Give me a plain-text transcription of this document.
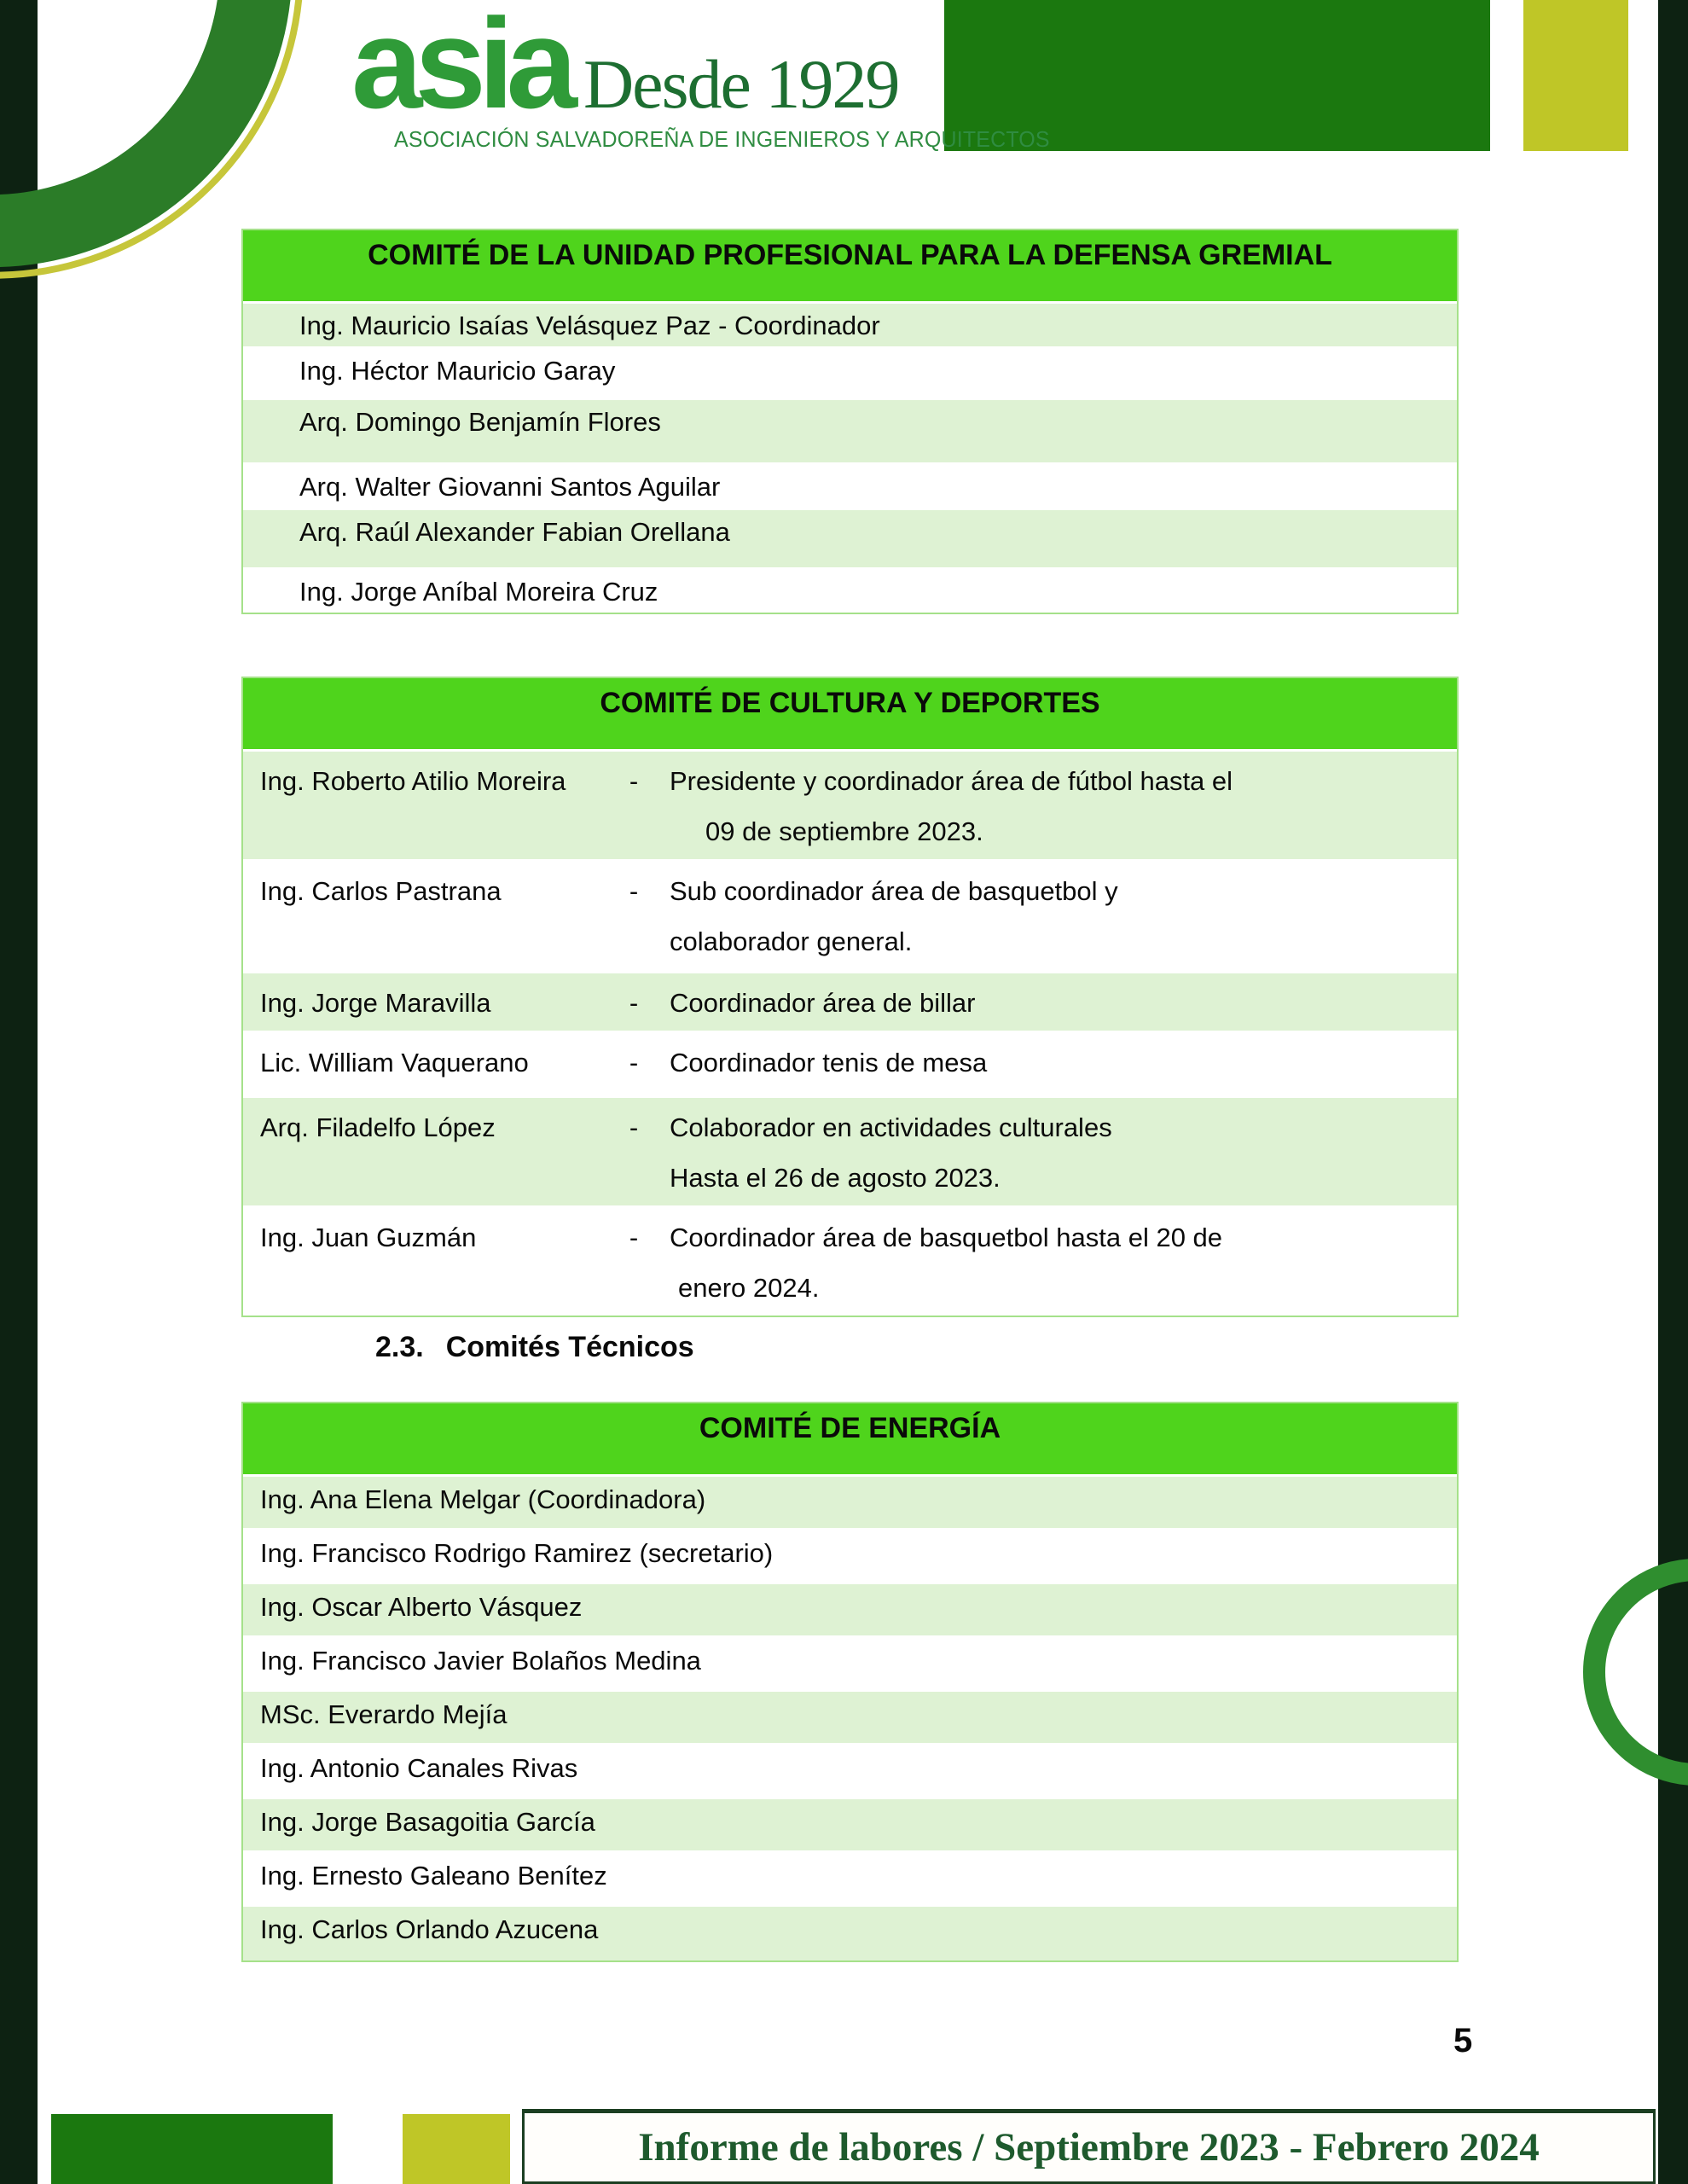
asia Desde 1929
ASOCIACIÓN SALVADOREÑA DE INGENIEROS Y ARQUITECTOS
COMITÉ DE LA UNIDAD PROFESIONAL PARA LA DEFENSA GREMIAL
Ing. Mauricio Isaías Velásquez Paz - Coordinador
Ing. Héctor Mauricio Garay
Arq. Domingo Benjamín Flores
Arq. Walter Giovanni Santos Aguilar
Arq. Raúl Alexander Fabian Orellana
Ing. Jorge Aníbal Moreira Cruz
COMITÉ DE CULTURA Y DEPORTES
Ing. Roberto Atilio Moreira	-	Presidente y coordinador área de fútbol hasta el
09 de septiembre 2023.
Ing. Carlos Pastrana	-	Sub coordinador área de basquetbol y
colaborador general.
Ing. Jorge Maravilla	-	Coordinador área de billar
Lic. William Vaquerano	-	Coordinador tenis de mesa
Arq. Filadelfo López	-	Colaborador en actividades culturales
Hasta el 26 de agosto 2023.
Ing. Juan Guzmán	-	Coordinador área de basquetbol hasta el 20 de
enero 2024.
2.3. Comités Técnicos
COMITÉ DE ENERGÍA
Ing. Ana Elena Melgar (Coordinadora)
Ing. Francisco Rodrigo Ramirez (secretario)
Ing. Oscar Alberto Vásquez
Ing. Francisco Javier Bolaños Medina
MSc. Everardo Mejía
Ing. Antonio Canales Rivas
Ing. Jorge Basagoitia García
Ing. Ernesto Galeano Benítez
Ing. Carlos Orlando Azucena
5
Informe de labores / Septiembre 2023 - Febrero 2024
